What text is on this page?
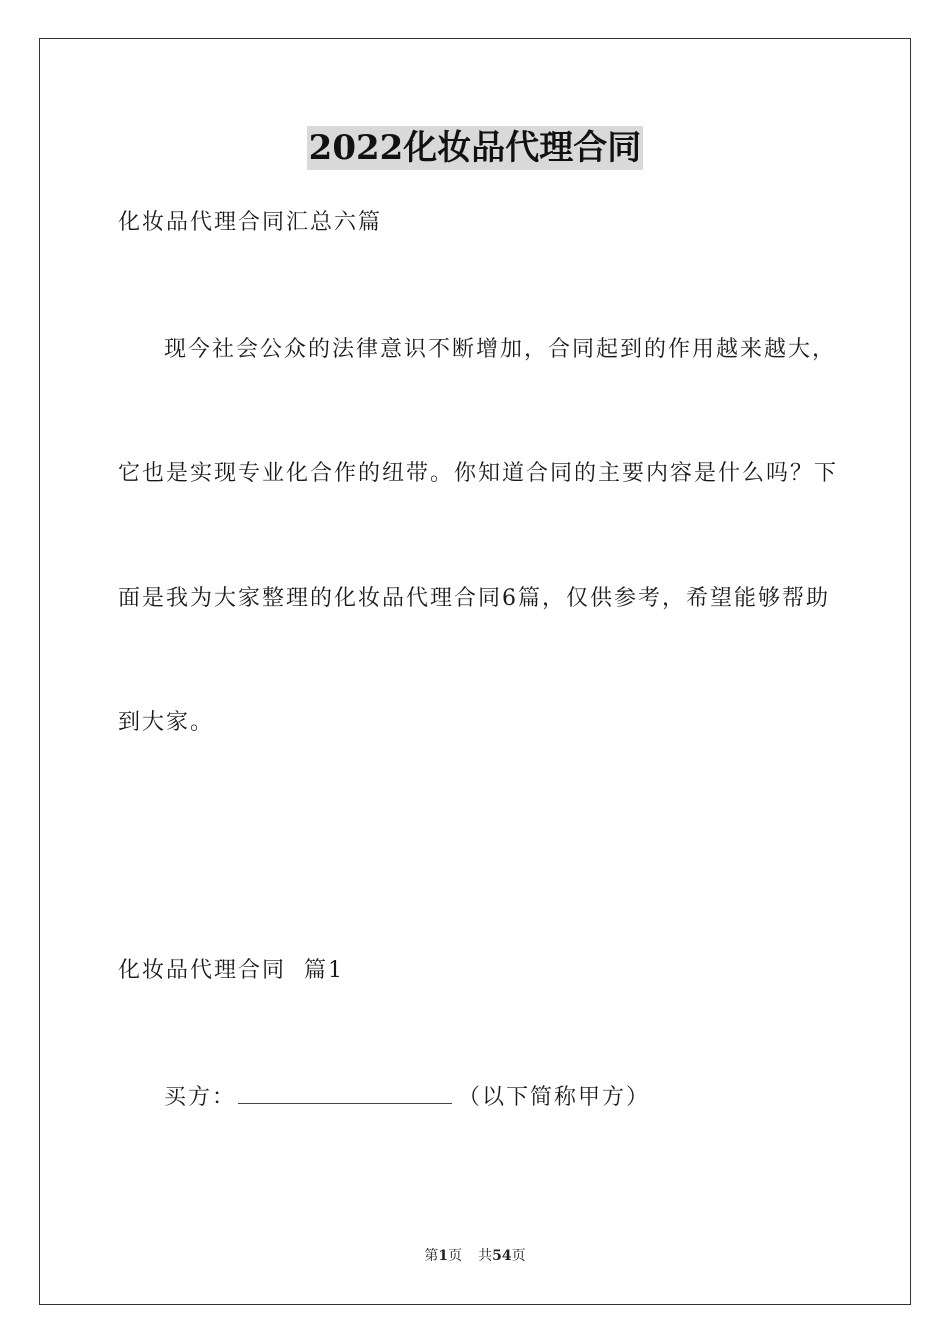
2022化妆品代理合同
化妆品代理合同汇总六篇
现今社会公众的法律意识不断增加，合同起到的作用越来越大，
它也是实现专业化合作的纽带。你知道合同的主要内容是什么吗？下
面是我为大家整理的化妆品代理合同6篇，仅供参考，希望能够帮助
到大家。
化妆品代理合同  篇1
买方：	（以下简称甲方）
第1页 共54页
